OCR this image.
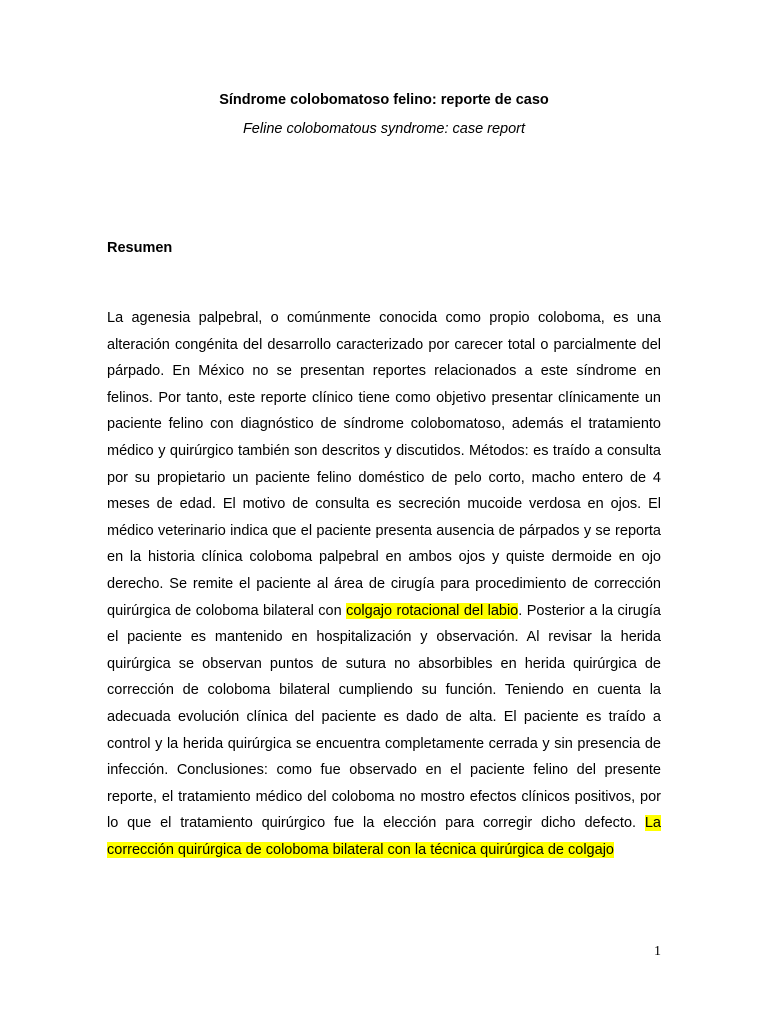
Síndrome colobomatoso felino: reporte de caso

Feline colobomatous syndrome: case report

Resumen

La agenesia palpebral, o comúnmente conocida como propio coloboma, es una alteración congénita del desarrollo caracterizado por carecer total o parcialmente del párpado. En México no se presentan reportes relacionados a este síndrome en felinos. Por tanto, este reporte clínico tiene como objetivo presentar clínicamente un paciente felino con diagnóstico de síndrome colobomatoso, además el tratamiento médico y quirúrgico también son descritos y discutidos. Métodos: es traído a consulta por su propietario un paciente felino doméstico de pelo corto, macho entero de 4 meses de edad. El motivo de consulta es secreción mucoide verdosa en ojos. El médico veterinario indica que el paciente presenta ausencia de párpados y se reporta en la historia clínica coloboma palpebral en ambos ojos y quiste dermoide en ojo derecho. Se remite el paciente al área de cirugía para procedimiento de corrección quirúrgica de coloboma bilateral con colgajo rotacional del labio. Posterior a la cirugía el paciente es mantenido en hospitalización y observación. Al revisar la herida quirúrgica se observan puntos de sutura no absorbibles en herida quirúrgica de corrección de coloboma bilateral cumpliendo su función. Teniendo en cuenta la adecuada evolución clínica del paciente es dado de alta. El paciente es traído a control y la herida quirúrgica se encuentra completamente cerrada y sin presencia de infección. Conclusiones: como fue observado en el paciente felino del presente reporte, el tratamiento médico del coloboma no mostro efectos clínicos positivos, por lo que el tratamiento quirúrgico fue la elección para corregir dicho defecto. La corrección quirúrgica de coloboma bilateral con la técnica quirúrgica de colgajo

1
